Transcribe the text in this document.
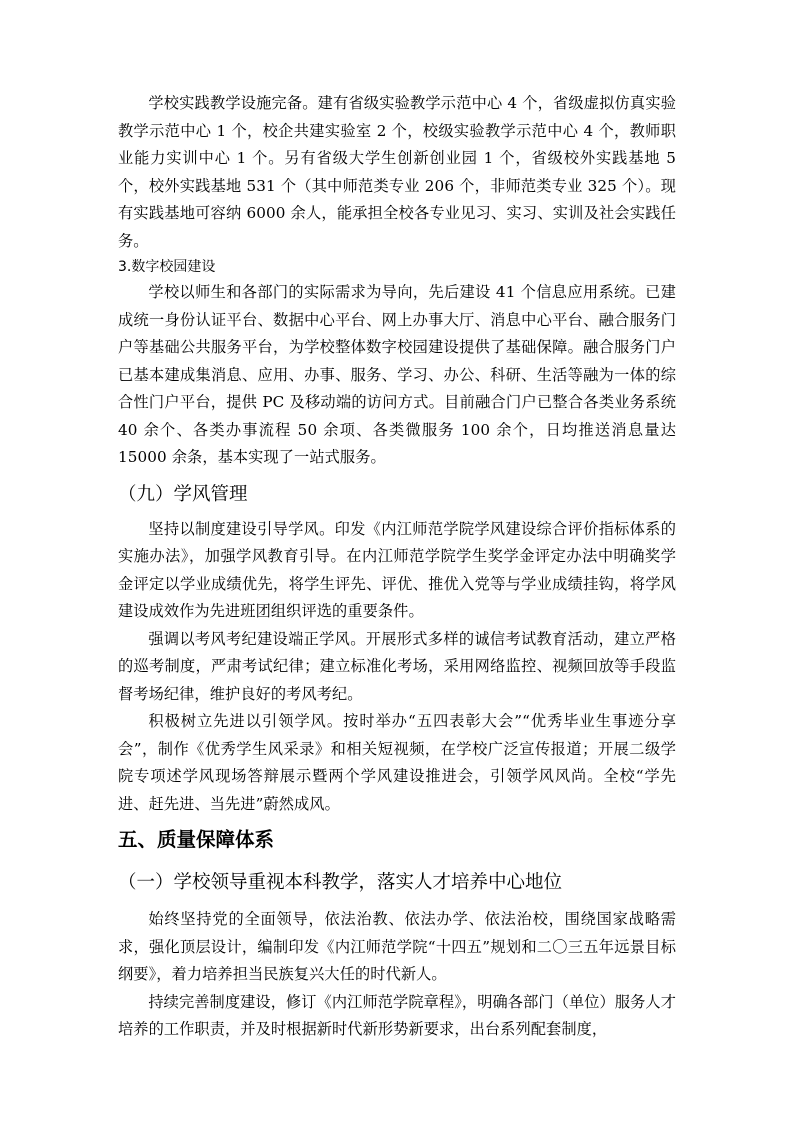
学校实践教学设施完备。建有省级实验教学示范中心 4 个，省级虚拟仿真实验教学示范中心 1 个，校企共建实验室 2 个，校级实验教学示范中心 4 个，教师职业能力实训中心 1 个。另有省级大学生创新创业园 1 个，省级校外实践基地 5 个，校外实践基地 531 个（其中师范类专业 206 个，非师范类专业 325 个）。现有实践基地可容纳 6000 余人，能承担全校各专业见习、实习、实训及社会实践任务。

3.数字校园建设

学校以师生和各部门的实际需求为导向，先后建设 41 个信息应用系统。已建成统一身份认证平台、数据中心平台、网上办事大厅、消息中心平台、融合服务门户等基础公共服务平台，为学校整体数字校园建设提供了基础保障。融合服务门户已基本建成集消息、应用、办事、服务、学习、办公、科研、生活等融为一体的综合性门户平台，提供 PC 及移动端的访问方式。目前融合门户已整合各类业务系统 40 余个、各类办事流程 50 余项、各类微服务 100 余个，日均推送消息量达 15000 余条，基本实现了一站式服务。

（九）学风管理

坚持以制度建设引导学风。印发《内江师范学院学风建设综合评价指标体系的实施办法》，加强学风教育引导。在内江师范学院学生奖学金评定办法中明确奖学金评定以学业成绩优先，将学生评先、评优、推优入党等与学业成绩挂钩，将学风建设成效作为先进班团组织评选的重要条件。

强调以考风考纪建设端正学风。开展形式多样的诚信考试教育活动，建立严格的巡考制度，严肃考试纪律；建立标准化考场，采用网络监控、视频回放等手段监督考场纪律，维护良好的考风考纪。

积极树立先进以引领学风。按时举办“五四表彰大会”“优秀毕业生事迹分享会”，制作《优秀学生风采录》和相关短视频，在学校广泛宣传报道；开展二级学院专项述学风现场答辩展示暨两个学风建设推进会，引领学风风尚。全校“学先进、赶先进、当先进”蔚然成风。

五、质量保障体系
（一）学校领导重视本科教学，落实人才培养中心地位

始终坚持党的全面领导，依法治教、依法办学、依法治校，围绕国家战略需求，强化顶层设计，编制印发《内江师范学院“十四五”规划和二〇三五年远景目标纲要》，着力培养担当民族复兴大任的时代新人。

持续完善制度建设，修订《内江师范学院章程》，明确各部门（单位）服务人才培养的工作职责，并及时根据新时代新形势新要求，出台系列配套制度，
